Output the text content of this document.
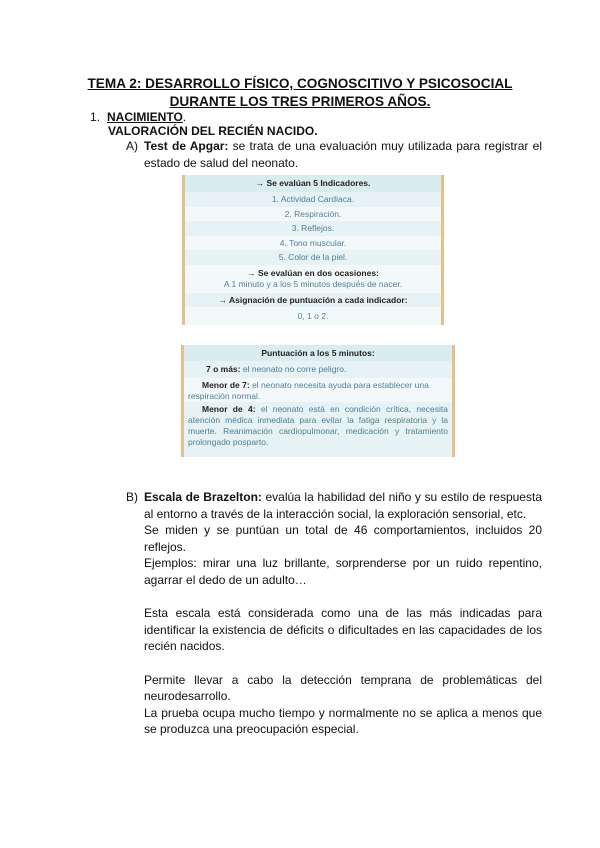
TEMA 2: DESARROLLO FÍSICO, COGNOSCITIVO Y PSICOSOCIAL
DURANTE LOS TRES PRIMEROS AÑOS.
1. NACIMIENTO.
VALORACIÓN DEL RECIÉN NACIDO.
A) Test de Apgar: se trata de una evaluación muy utilizada para registrar el estado de salud del neonato.
→ Se evalúan 5 Indicadores.
1. Actividad Cardiaca.
2. Respiración.
3. Reflejos.
4. Tono muscular.
5. Color de la piel.
→ Se evalúan en dos ocasiones:
A 1 minuto y a los 5 minutos después de nacer.
→ Asignación de puntuación a cada indicador:
0, 1 o 2.
Puntuación a los 5 minutos:
7 o más: el neonato no corre peligro.
Menor de 7: el neonato necesita ayuda para establecer una respiración normal.
Menor de 4: el neonato está en condición crítica, necesita atención médica inmediata para evitar la fatiga respiratoria y la muerte. Reanimación cardiopulmonar, medicación y tratamiento prolongado posparto.
B) Escala de Brazelton: evalúa la habilidad del niño y su estilo de respuesta al entorno a través de la interacción social, la exploración sensorial, etc.

Se miden y se puntúan un total de 46 comportamientos, incluidos 20 reflejos.

Ejemplos: mirar una luz brillante, sorprenderse por un ruido repentino, agarrar el dedo de un adulto…

Esta escala está considerada como una de las más indicadas para identificar la existencia de déficits o dificultades en las capacidades de los recién nacidos.

Permite llevar a cabo la detección temprana de problemáticas del neurodesarrollo.

La prueba ocupa mucho tiempo y normalmente no se aplica a menos que se produzca una preocupación especial.
